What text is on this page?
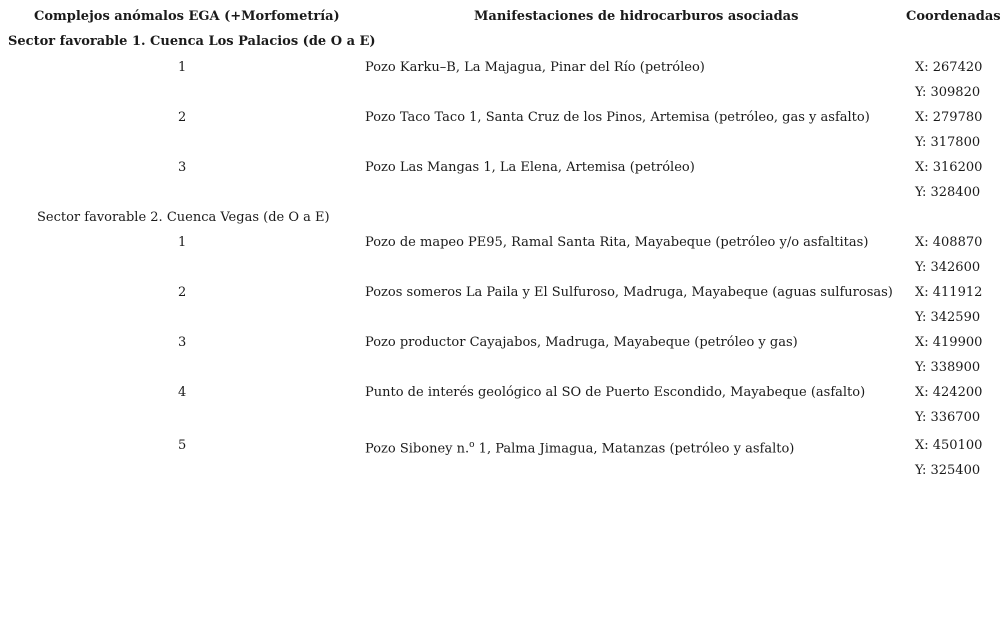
Complejos anómalos EGA (+Morfometría)	Manifestaciones de hidrocarburos asociadas	Coordenadas
Sector favorable 1. Cuenca Los Palacios (de O a E)
1	Pozo Karku–B, La Majagua, Pinar del Río (petróleo)	X: 267420
Y: 309820
2	Pozo Taco Taco 1, Santa Cruz de los Pinos, Artemisa (petróleo, gas y asfalto)	X: 279780
Y: 317800
3	Pozo Las Mangas 1, La Elena, Artemisa (petróleo)	X: 316200
Y: 328400
Sector favorable 2. Cuenca Vegas (de O a E)
1	Pozo de mapeo PE95, Ramal Santa Rita, Mayabeque (petróleo y/o asfaltitas)	X: 408870
Y: 342600
2	Pozos someros La Paila y El Sulfuroso, Madruga, Mayabeque (aguas sulfurosas) X: 411912
Y: 342590
3	Pozo productor Cayajabos, Madruga, Mayabeque (petróleo y gas)	X: 419900
Y: 338900
4	Punto de interés geológico al SO de Puerto Escondido, Mayabeque (asfalto)	X: 424200
Y: 336700
5	Pozo Siboney n.$^o$ 1, Palma Jimagua, Matanzas (petróleo y asfalto)	X: 450100
Y: 325400
